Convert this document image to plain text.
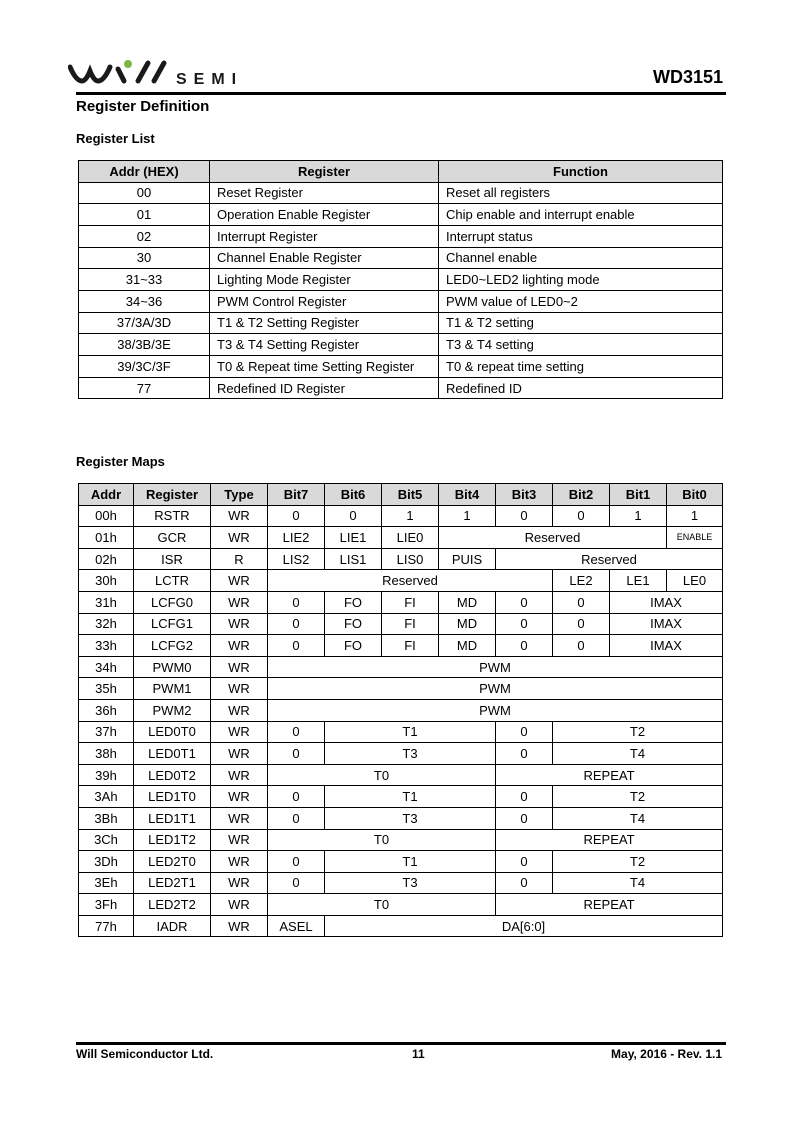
SEMI	WD3151
Register Definition
Register List
Addr (HEX)	Register	Function
00	Reset Register	Reset all registers
01	Operation Enable Register	Chip enable and interrupt enable
02	Interrupt Register	Interrupt status
30	Channel Enable Register	Channel enable
31~33	Lighting Mode Register	LED0~LED2 lighting mode
34~36	PWM Control Register	PWM value of LED0~2
37/3A/3D	T1 & T2 Setting Register	T1 & T2 setting
38/3B/3E	T3 & T4 Setting Register	T3 & T4 setting
39/3C/3F	T0 & Repeat time Setting Register	T0 & repeat time setting
77	Redefined ID Register	Redefined ID
Register Maps
Addr	Register	Type	Bit7	Bit6	Bit5	Bit4	Bit3	Bit2	Bit1	Bit0
00h	RSTR	WR	0	0	1	1	0	0	1	1
01h	GCR	WR	LIE2	LIE1	LIE0	Reserved				ENABLE
02h	ISR	R	LIS2	LIS1	LIS0	PUIS	Reserved			
30h	LCTR	WR	Reserved					LE2	LE1	LE0
31h	LCFG0	WR	0	FO	FI	MD	0	0	IMAX	
32h	LCFG1	WR	0	FO	FI	MD	0	0	IMAX	
33h	LCFG2	WR	0	FO	FI	MD	0	0	IMAX	
34h	PWM0	WR	PWM							
35h	PWM1	WR	PWM							
36h	PWM2	WR	PWM							
37h	LED0T0	WR	0	T1			0	T2		
38h	LED0T1	WR	0	T3			0	T4		
39h	LED0T2	WR	T0				REPEAT			
3Ah	LED1T0	WR	0	T1			0	T2		
3Bh	LED1T1	WR	0	T3			0	T4		
3Ch	LED1T2	WR	T0				REPEAT			
3Dh	LED2T0	WR	0	T1			0	T2		
3Eh	LED2T1	WR	0	T3			0	T4		
3Fh	LED2T2	WR	T0				REPEAT			
77h	IADR	WR	ASEL	DA[6:0]						
Will Semiconductor Ltd.	11	May, 2016 - Rev. 1.1
